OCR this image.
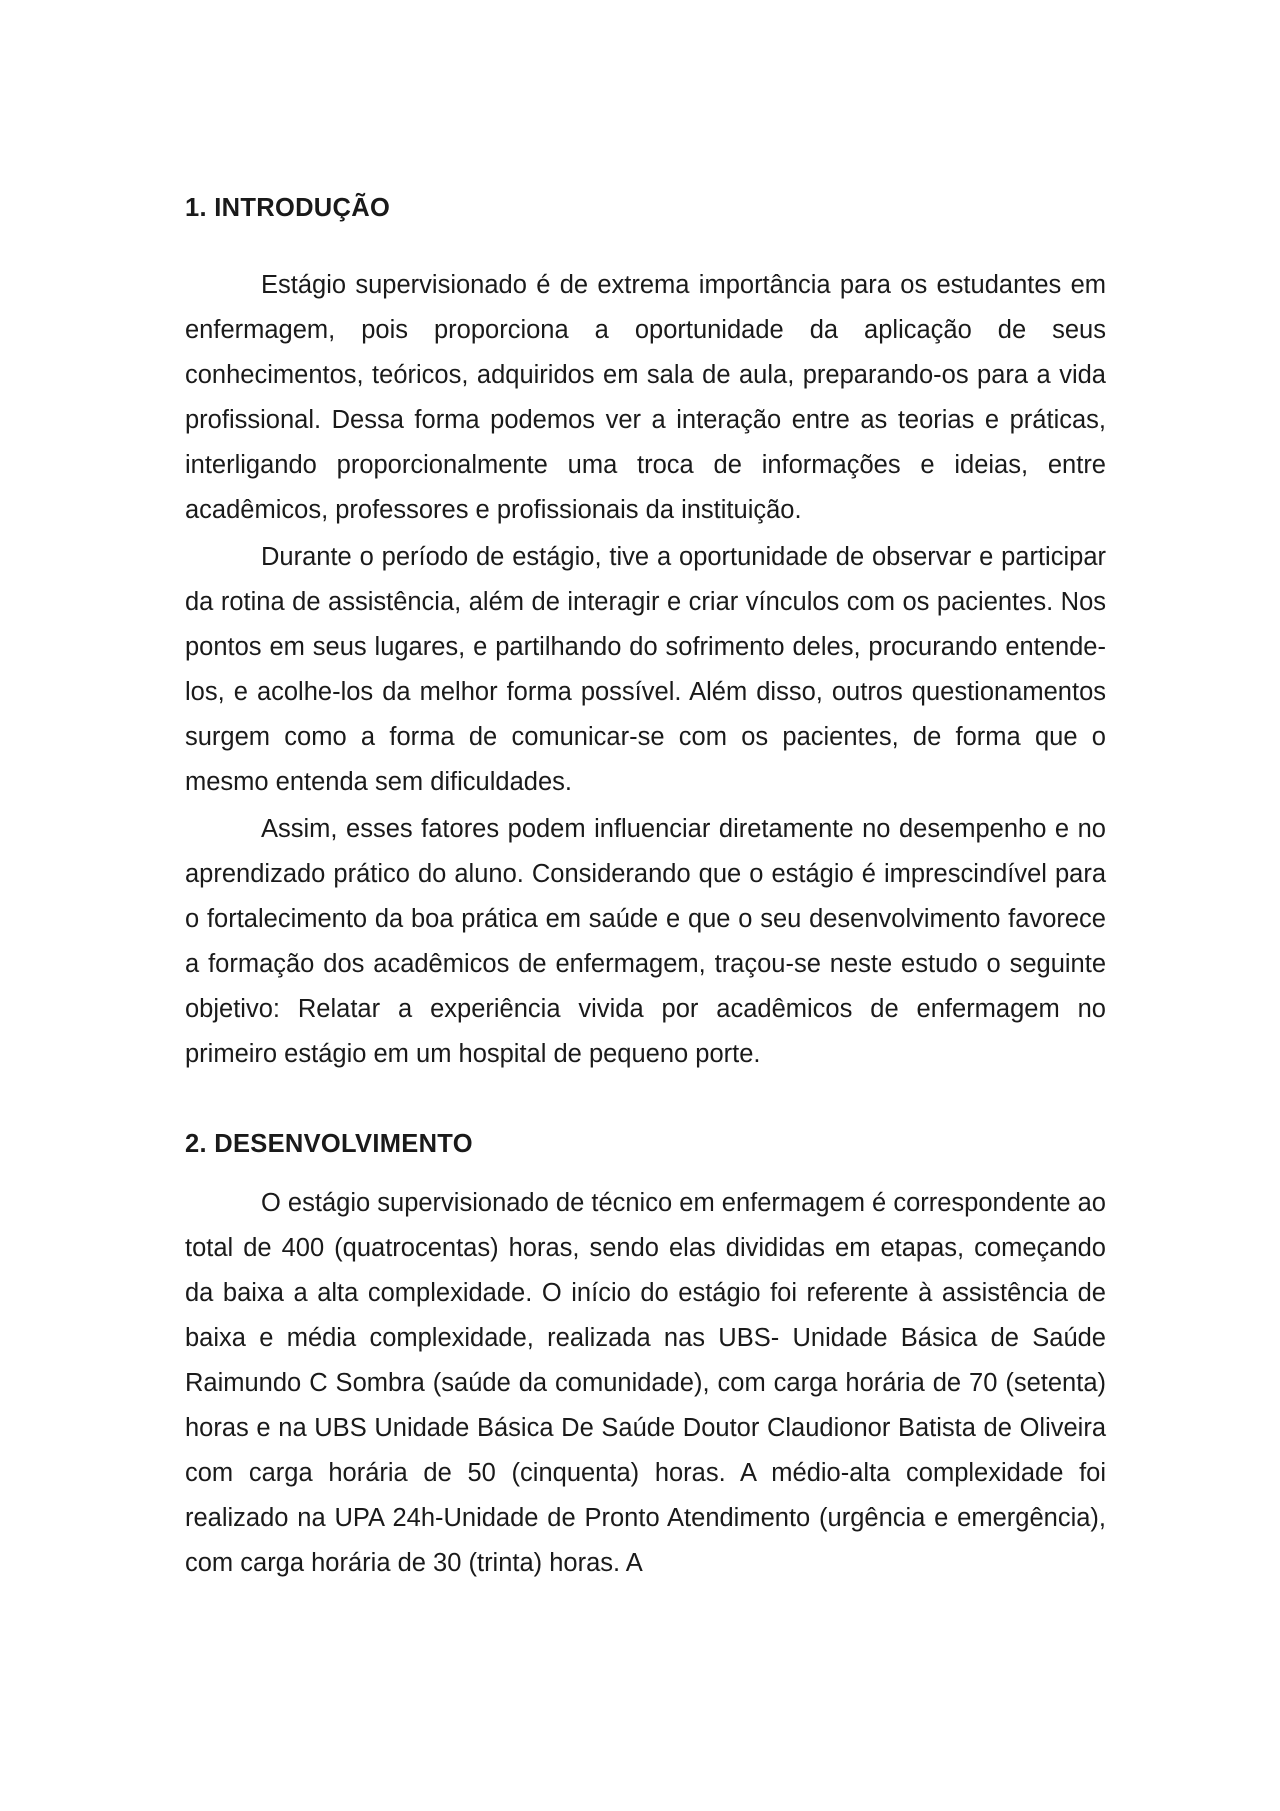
1. INTRODUÇÃO

Estágio supervisionado é de extrema importância para os estudantes em enfermagem, pois proporciona a oportunidade da aplicação de seus conhecimentos, teóricos, adquiridos em sala de aula, preparando-os para a vida profissional. Dessa forma podemos ver a interação entre as teorias e práticas, interligando proporcionalmente uma troca de informações e ideias, entre acadêmicos, professores e profissionais da instituição.

Durante o período de estágio, tive a oportunidade de observar e participar da rotina de assistência, além de interagir e criar vínculos com os pacientes. Nos pontos em seus lugares, e partilhando do sofrimento deles, procurando entende-los, e acolhe-los da melhor forma possível. Além disso, outros questionamentos surgem como a forma de comunicar-se com os pacientes, de forma que o mesmo entenda sem dificuldades.

Assim, esses fatores podem influenciar diretamente no desempenho e no aprendizado prático do aluno. Considerando que o estágio é imprescindível para o fortalecimento da boa prática em saúde e que o seu desenvolvimento favorece a formação dos acadêmicos de enfermagem, traçou-se neste estudo o seguinte objetivo: Relatar a experiência vivida por acadêmicos de enfermagem no primeiro estágio em um hospital de pequeno porte.

2. DESENVOLVIMENTO

O estágio supervisionado de técnico em enfermagem é correspondente ao total de 400 (quatrocentas) horas, sendo elas divididas em etapas, começando da baixa a alta complexidade. O início do estágio foi referente à assistência de baixa e média complexidade, realizada nas UBS- Unidade Básica de Saúde Raimundo C Sombra (saúde da comunidade), com carga horária de 70 (setenta) horas e na UBS Unidade Básica De Saúde Doutor Claudionor Batista de Oliveira com carga horária de 50 (cinquenta) horas. A médio-alta complexidade foi realizado na UPA 24h-Unidade de Pronto Atendimento (urgência e emergência), com carga horária de 30 (trinta) horas. A
